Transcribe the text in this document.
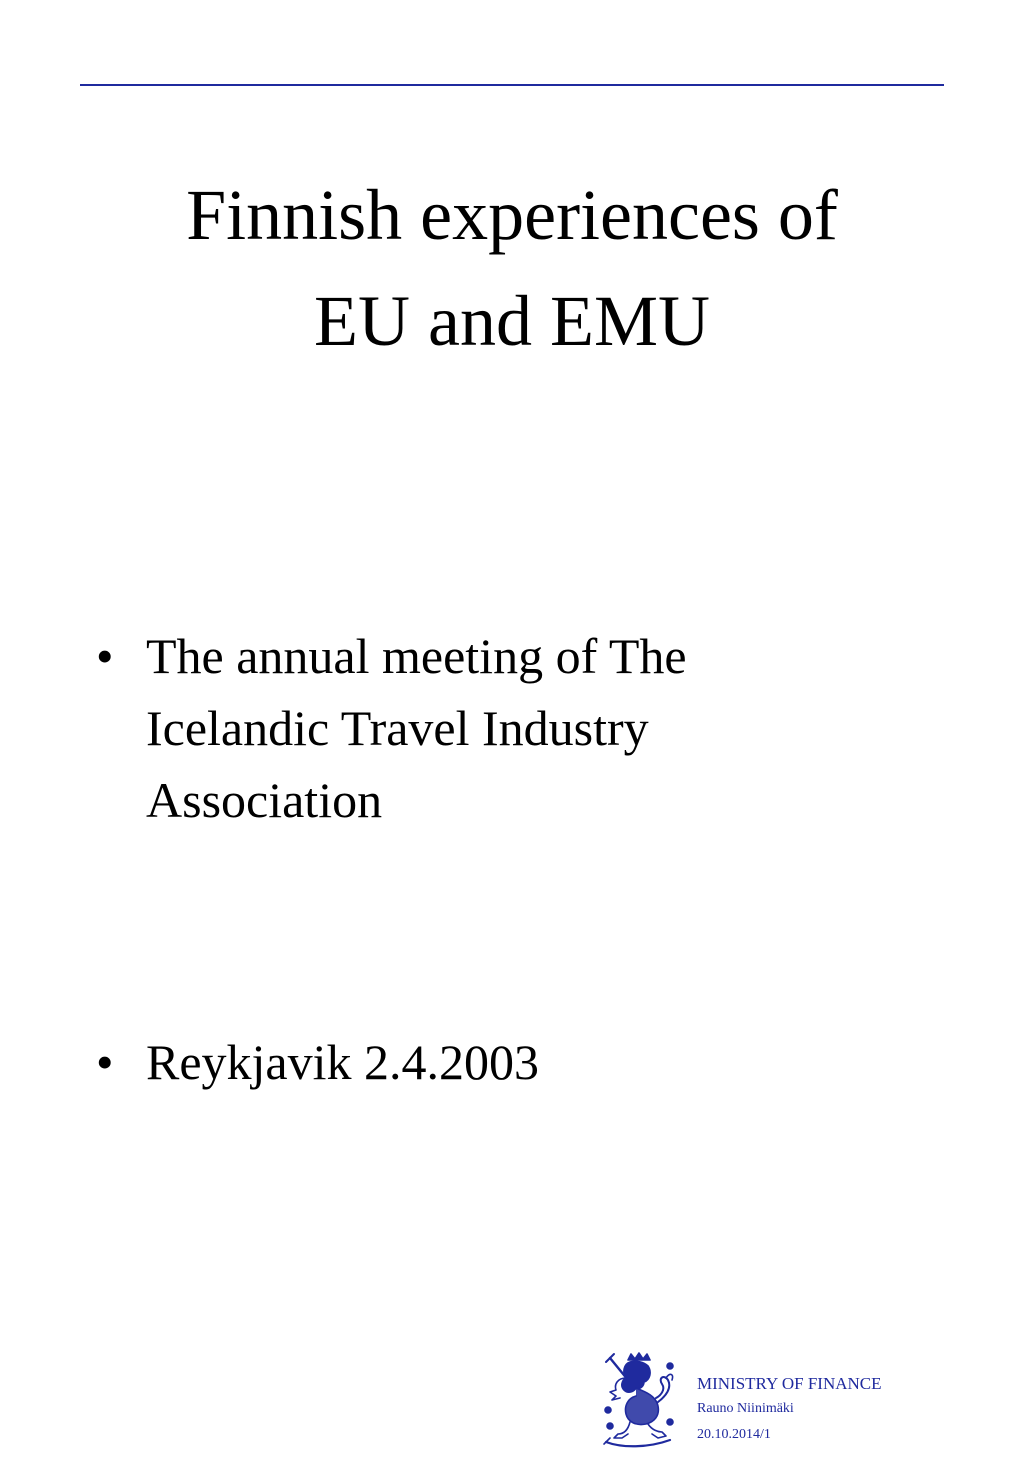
Finnish experiences of
EU and EMU
• The annual meeting of The
Icelandic Travel Industry
Association
• Reykjavik 2.4.2003
MINISTRY OF FINANCE
Rauno Niinimäki
20.10.2014/1
